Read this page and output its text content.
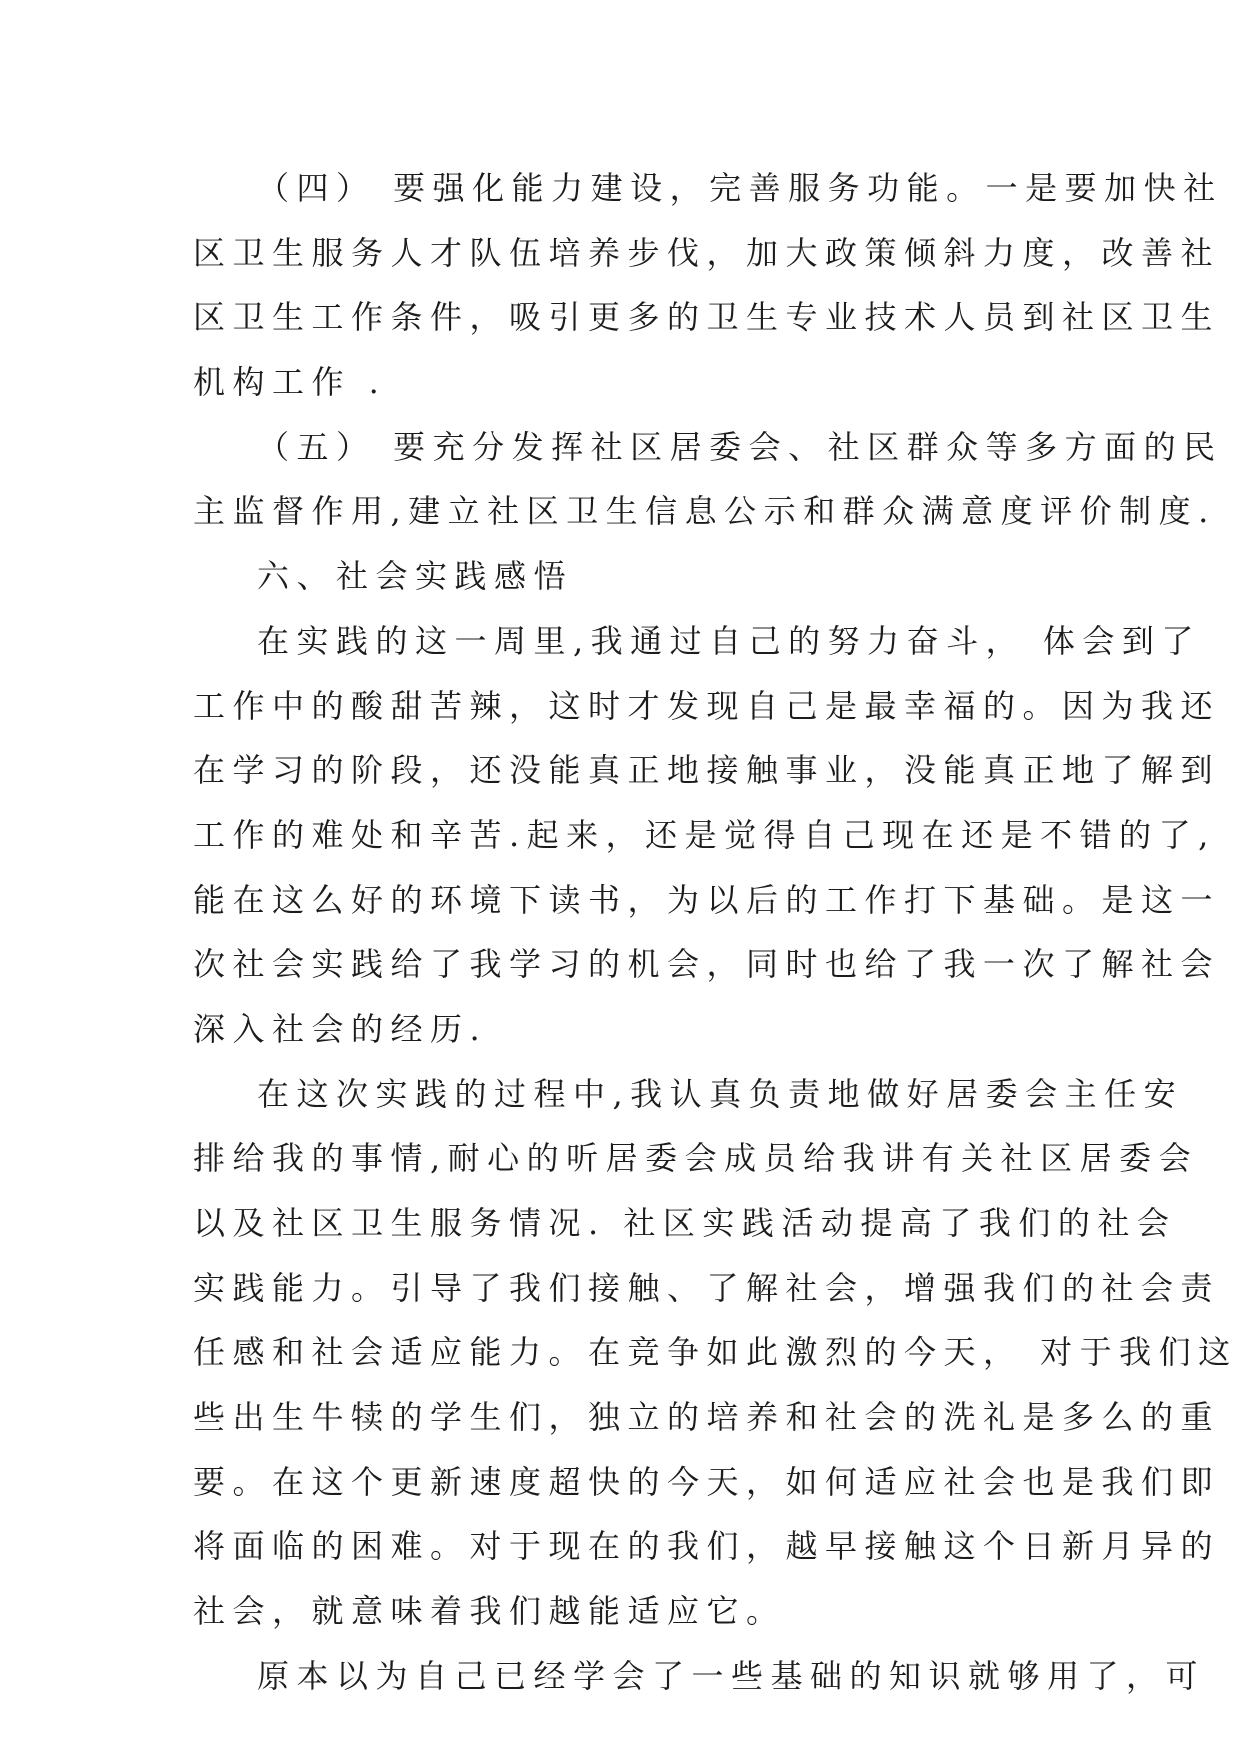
（四） 要强化能力建设，完善服务功能。一是要加快社
区卫生服务人才队伍培养步伐，加大政策倾斜力度，改善社
区卫生工作条件，吸引更多的卫生专业技术人员到社区卫生
机构工作 .
（五） 要充分发挥社区居委会、社区群众等多方面的民
主监督作用,建立社区卫生信息公示和群众满意度评价制度.
六、社会实践感悟
在实践的这一周里,我通过自己的努力奋斗， 体会到了
工作中的酸甜苦辣，这时才发现自己是最幸福的。因为我还
在学习的阶段，还没能真正地接触事业，没能真正地了解到
工作的难处和辛苦.起来，还是觉得自己现在还是不错的了,
能在这么好的环境下读书，为以后的工作打下基础。是这一
次社会实践给了我学习的机会，同时也给了我一次了解社会
深入社会的经历.
在这次实践的过程中,我认真负责地做好居委会主任安
排给我的事情,耐心的听居委会成员给我讲有关社区居委会
以及社区卫生服务情况. 社区实践活动提高了我们的社会
实践能力。引导了我们接触、了解社会，增强我们的社会责
任感和社会适应能力。在竞争如此激烈的今天， 对于我们这
些出生牛犊的学生们，独立的培养和社会的洗礼是多么的重
要。在这个更新速度超快的今天，如何适应社会也是我们即
将面临的困难。对于现在的我们，越早接触这个日新月异的
社会，就意味着我们越能适应它。
原本以为自己已经学会了一些基础的知识就够用了，可
